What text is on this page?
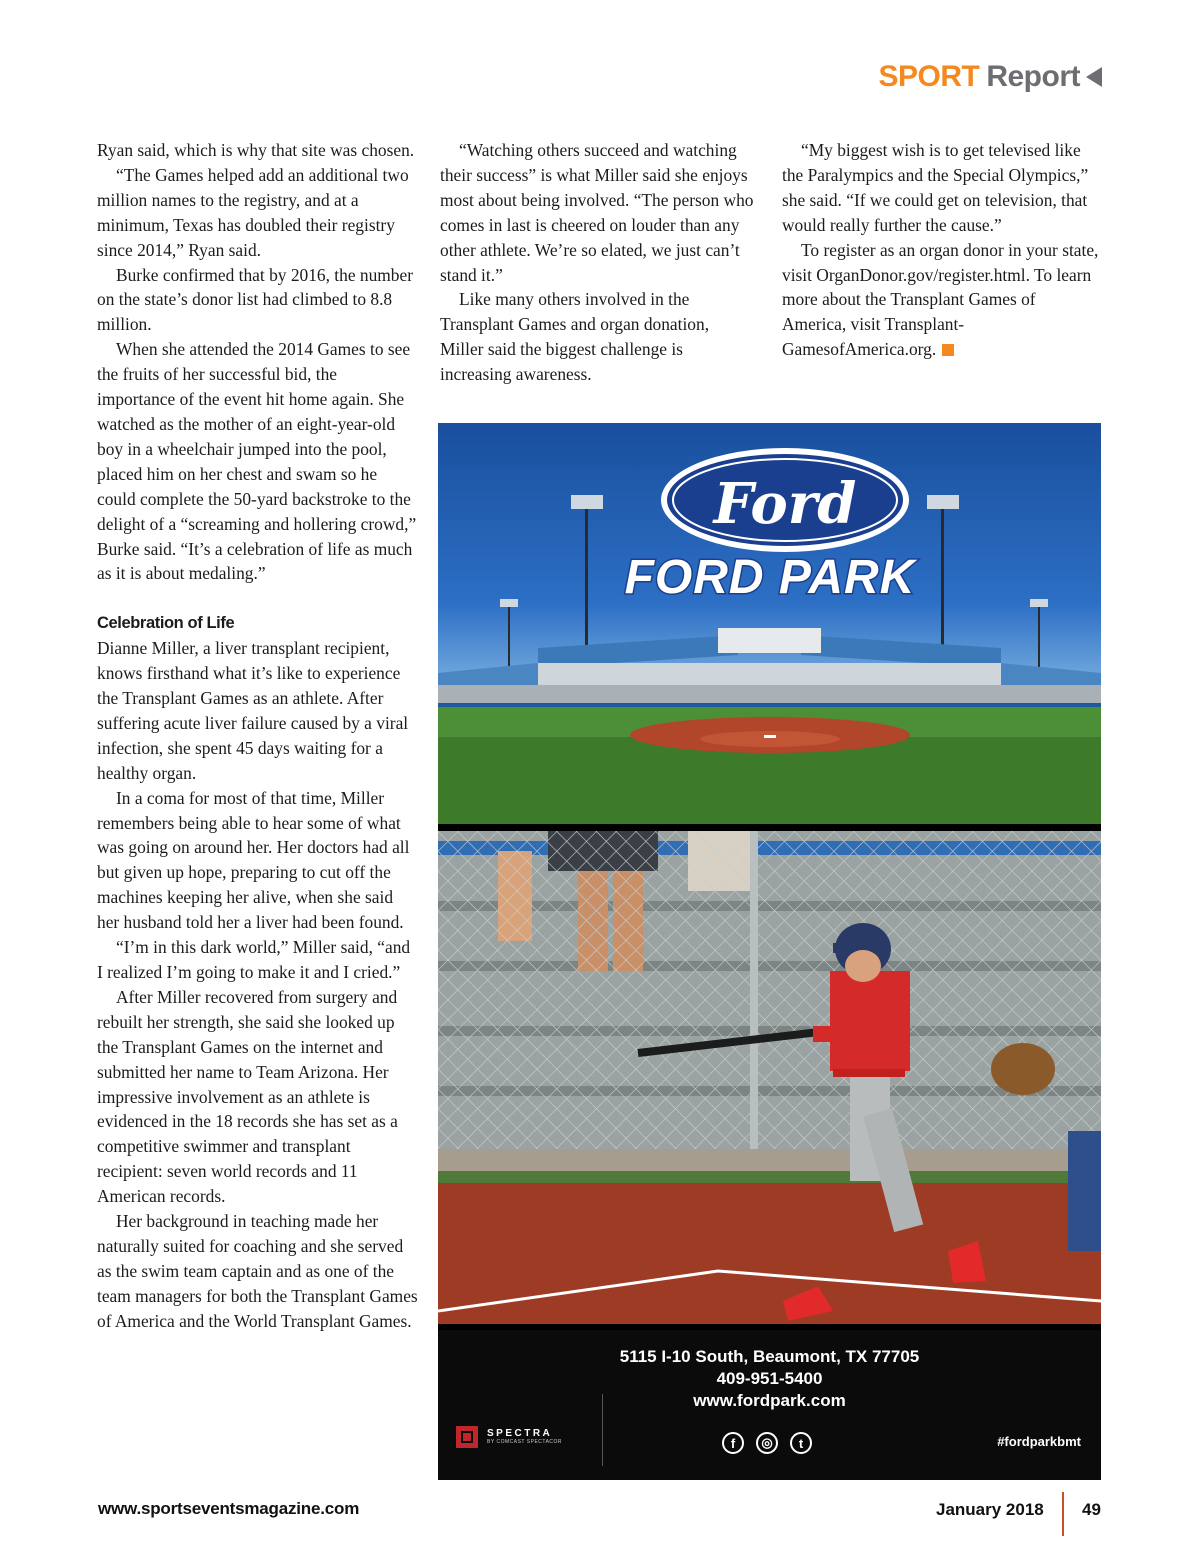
SPORT Report

Ryan said, which is why that site was chosen.

“The Games helped add an additional two million names to the registry, and at a minimum, Texas has doubled their registry since 2014,” Ryan said.

Burke confirmed that by 2016, the number on the state’s donor list had climbed to 8.8 million.

When she attended the 2014 Games to see the fruits of her successful bid, the importance of the event hit home again. She watched as the mother of an eight-year-old boy in a wheelchair jumped into the pool, placed him on her chest and swam so he could complete the 50-yard backstroke to the delight of a “screaming and hollering crowd,” Burke said. “It’s a celebration of life as much as it is about medaling.”

Celebration of Life

Dianne Miller, a liver transplant recipient, knows firsthand what it’s like to experience the Transplant Games as an athlete. After suffering acute liver failure caused by a viral infection, she spent 45 days waiting for a healthy organ.

In a coma for most of that time, Miller remembers being able to hear some of what was going on around her. Her doctors had all but given up hope, preparing to cut off the machines keeping her alive, when she said her husband told her a liver had been found.

“I’m in this dark world,” Miller said, “and I realized I’m going to make it and I cried.”

After Miller recovered from surgery and rebuilt her strength, she said she looked up the Transplant Games on the internet and submitted her name to Team Arizona. Her impressive involvement as an athlete is evidenced in the 18 records she has set as a competitive swimmer and transplant recipient: seven world records and 11 American records.

Her background in teaching made her naturally suited for coaching and she served as the swim team captain and as one of the team managers for both the Transplant Games of America and the World Transplant Games.

“Watching others succeed and watching their success” is what Miller said she enjoys most about being involved. “The person who comes in last is cheered on louder than any other athlete. We’re so elated, we just can’t stand it.”

Like many others involved in the Transplant Games and organ donation, Miller said the biggest challenge is increasing awareness.

“My biggest wish is to get televised like the Paralympics and the Special Olympics,” she said. “If we could get on television, that would really further the cause.”

To register as an organ donor in your state, visit OrganDonor.gov/register.html. To learn more about the Transplant Games of America, visit Transplant-GamesofAmerica.org.

Ford
FORD PARK
5115 I-10 South, Beaumont, TX 77705
409-951-5400
www.fordpark.com
SPECTRA
BY COMCAST SPECTACOR	f	◎	t	#fordparkbmt
www.sportseventsmagazine.com	January 2018 49
